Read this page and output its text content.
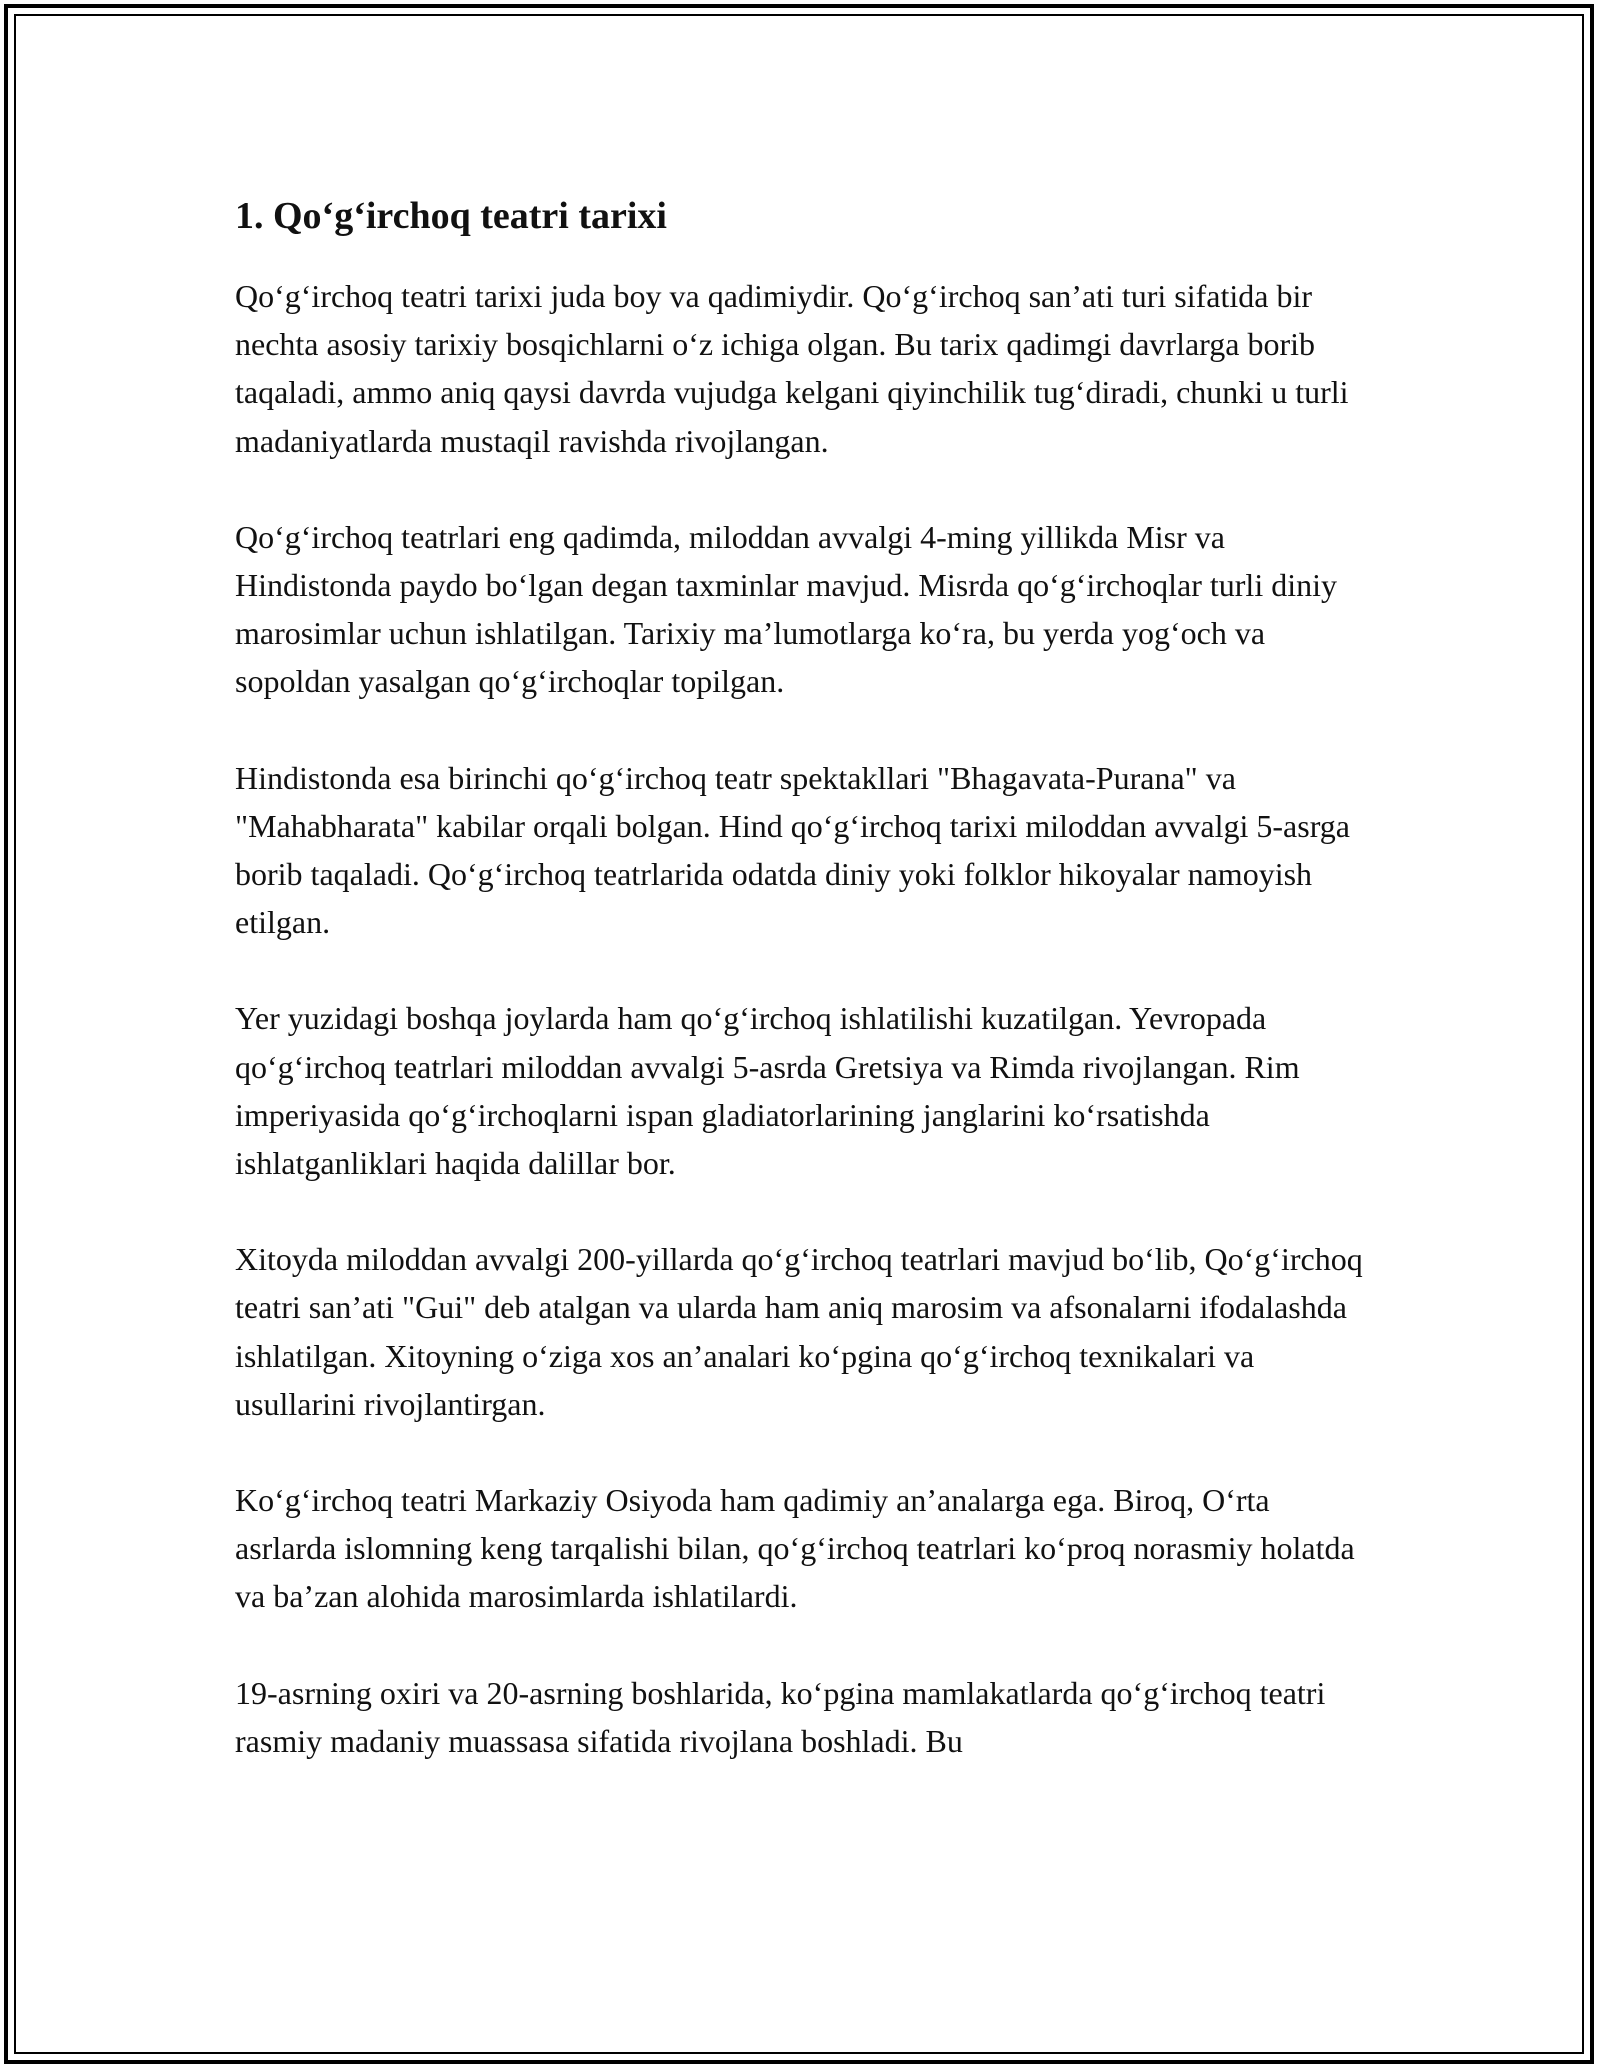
1. Qo‘g‘irchoq teatri tarixi

Qo‘g‘irchoq teatri tarixi juda boy va qadimiydir. Qo‘g‘irchoq san’ati turi sifatida bir nechta asosiy tarixiy bosqichlarni o‘z ichiga olgan. Bu tarix qadimgi davrlarga borib taqaladi, ammo aniq qaysi davrda vujudga kelgani qiyinchilik tug‘diradi, chunki u turli madaniyatlarda mustaqil ravishda rivojlangan.

Qo‘g‘irchoq teatrlari eng qadimda, miloddan avvalgi 4-ming yillikda Misr va Hindistonda paydo bo‘lgan degan taxminlar mavjud. Misrda qo‘g‘irchoqlar turli diniy marosimlar uchun ishlatilgan. Tarixiy ma’lumotlarga ko‘ra, bu yerda yog‘och va sopoldan yasalgan qo‘g‘irchoqlar topilgan.

Hindistonda esa birinchi qo‘g‘irchoq teatr spektakllari "Bhagavata-Purana" va "Mahabharata" kabilar orqali bolgan. Hind qo‘g‘irchoq tarixi miloddan avvalgi 5-asrga borib taqaladi. Qo‘g‘irchoq teatrlarida odatda diniy yoki folklor hikoyalar namoyish etilgan.

Yer yuzidagi boshqa joylarda ham qo‘g‘irchoq ishlatilishi kuzatilgan. Yevropada qo‘g‘irchoq teatrlari miloddan avvalgi 5-asrda Gretsiya va Rimda rivojlangan. Rim imperiyasida qo‘g‘irchoqlarni ispan gladiatorlarining janglarini ko‘rsatishda ishlatganliklari haqida dalillar bor.

Xitoyda miloddan avvalgi 200-yillarda qo‘g‘irchoq teatrlari mavjud bo‘lib, Qo‘g‘irchoq teatri san’ati "Gui" deb atalgan va ularda ham aniq marosim va afsonalarni ifodalashda ishlatilgan. Xitoyning o‘ziga xos an’analari ko‘pgina qo‘g‘irchoq texnikalari va usullarini rivojlantirgan.

Ko‘g‘irchoq teatri Markaziy Osiyoda ham qadimiy an’analarga ega. Biroq, O‘rta asrlarda islomning keng tarqalishi bilan, qo‘g‘irchoq teatrlari ko‘proq norasmiy holatda va ba’zan alohida marosimlarda ishlatilardi.

19-asrning oxiri va 20-asrning boshlarida, ko‘pgina mamlakatlarda qo‘g‘irchoq teatri rasmiy madaniy muassasa sifatida rivojlana boshladi. Bu
